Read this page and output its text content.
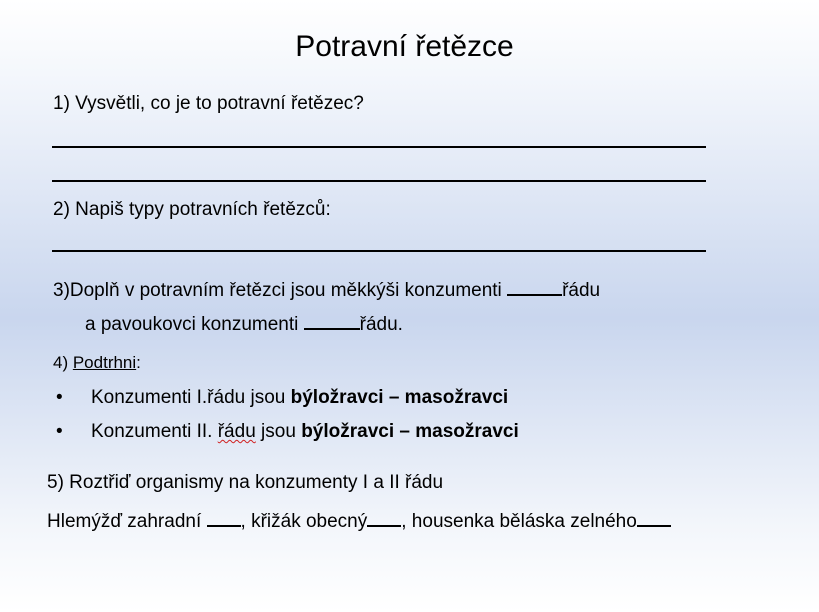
Potravní řetězce
1) Vysvětli, co je to potravní řetězec?
2) Napiš typy potravních řetězců:
3)Doplň v potravním řetězci jsou měkkýši konzumenti	řádu
a pavoukovci konzumenti	řádu.
4) Podtrhni:
• Konzumenti I.řádu jsou býložravci – masožravci
• Konzumenti II. řádu jsou býložravci – masožravci
5) Roztřiď organismy na konzumenty I a II řádu
Hlemýžď zahradní , křižák obecný , housenka běláska zelného
